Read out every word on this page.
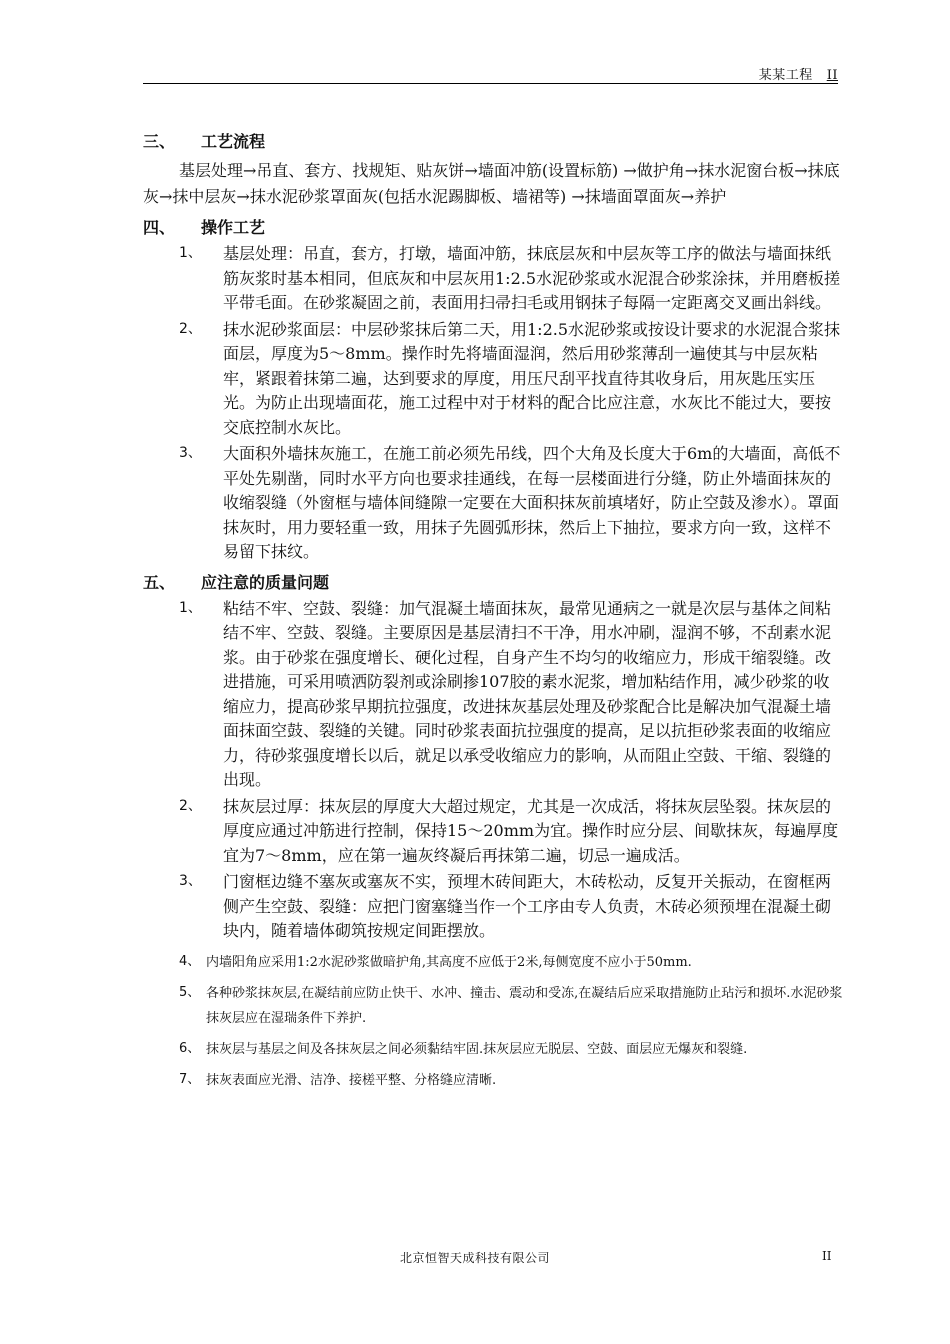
某某工程 II
三、 工艺流程

基层处理→吊直、套方、找规矩、贴灰饼→墙面冲筋(设置标筋) →做护角→抹水泥窗台板→抹底灰→抹中层灰→抹水泥砂浆罩面灰(包括水泥踢脚板、墙裙等) →抹墙面罩面灰→养护

四、 操作工艺
1、 基层处理：吊直，套方，打墩，墙面冲筋，抹底层灰和中层灰等工序的做法与墙面抹纸筋灰浆时基本相同，但底灰和中层灰用1:2.5水泥砂浆或水泥混合砂浆涂抹，并用磨板搓平带毛面。在砂浆凝固之前，表面用扫帚扫毛或用钢抹子每隔一定距离交叉画出斜线。
2、 抹水泥砂浆面层：中层砂浆抹后第二天，用1:2.5水泥砂浆或按设计要求的水泥混合浆抹面层，厚度为5～8mm。操作时先将墙面湿润，然后用砂浆薄刮一遍使其与中层灰粘牢，紧跟着抹第二遍，达到要求的厚度，用压尺刮平找直待其收身后，用灰匙压实压光。为防止出现墙面花，施工过程中对于材料的配合比应注意，水灰比不能过大，要按交底控制水灰比。
3、 大面积外墙抹灰施工，在施工前必须先吊线，四个大角及长度大于6m的大墙面，高低不平处先剔凿，同时水平方向也要求挂通线，在每一层楼面进行分缝，防止外墙面抹灰的收缩裂缝（外窗框与墙体间缝隙一定要在大面积抹灰前填堵好，防止空鼓及渗水）。罩面抹灰时，用力要轻重一致，用抹子先圆弧形抹，然后上下抽拉，要求方向一致，这样不易留下抹纹。
五、 应注意的质量问题
1、 粘结不牢、空鼓、裂缝：加气混凝土墙面抹灰，最常见通病之一就是次层与基体之间粘结不牢、空鼓、裂缝。主要原因是基层清扫不干净，用水冲刷，湿润不够，不刮素水泥浆。由于砂浆在强度增长、硬化过程，自身产生不均匀的收缩应力，形成干缩裂缝。改进措施，可采用喷洒防裂剂或涂刷掺107胶的素水泥浆，增加粘结作用，减少砂浆的收缩应力，提高砂浆早期抗拉强度，改进抹灰基层处理及砂浆配合比是解决加气混凝土墙面抹面空鼓、裂缝的关键。同时砂浆表面抗拉强度的提高，足以抗拒砂浆表面的收缩应力，待砂浆强度增长以后，就足以承受收缩应力的影响，从而阻止空鼓、干缩、裂缝的出现。
2、 抹灰层过厚：抹灰层的厚度大大超过规定，尤其是一次成活，将抹灰层坠裂。抹灰层的厚度应通过冲筋进行控制，保持15～20mm为宜。操作时应分层、间歇抹灰，每遍厚度宜为7～8mm，应在第一遍灰终凝后再抹第二遍，切忌一遍成活。
3、 门窗框边缝不塞灰或塞灰不实，预埋木砖间距大，木砖松动，反复开关振动，在窗框两侧产生空鼓、裂缝：应把门窗塞缝当作一个工序由专人负责，木砖必须预埋在混凝土砌块内，随着墙体砌筑按规定间距摆放。
4、 内墙阳角应采用1:2水泥砂浆做暗护角,其高度不应低于2米,每侧宽度不应小于50mm.
5、 各种砂浆抹灰层,在凝结前应防止快干、水冲、撞击、震动和受冻,在凝结后应采取措施防止玷污和损坏.水泥砂浆抹灰层应在湿瑞条件下养护.
6、 抹灰层与基层之间及各抹灰层之间必须黏结牢固.抹灰层应无脱层、空鼓、面层应无爆灰和裂缝.
7、 抹灰表面应光滑、洁净、接槎平整、分格缝应清晰.
北京恒智天成科技有限公司	II
